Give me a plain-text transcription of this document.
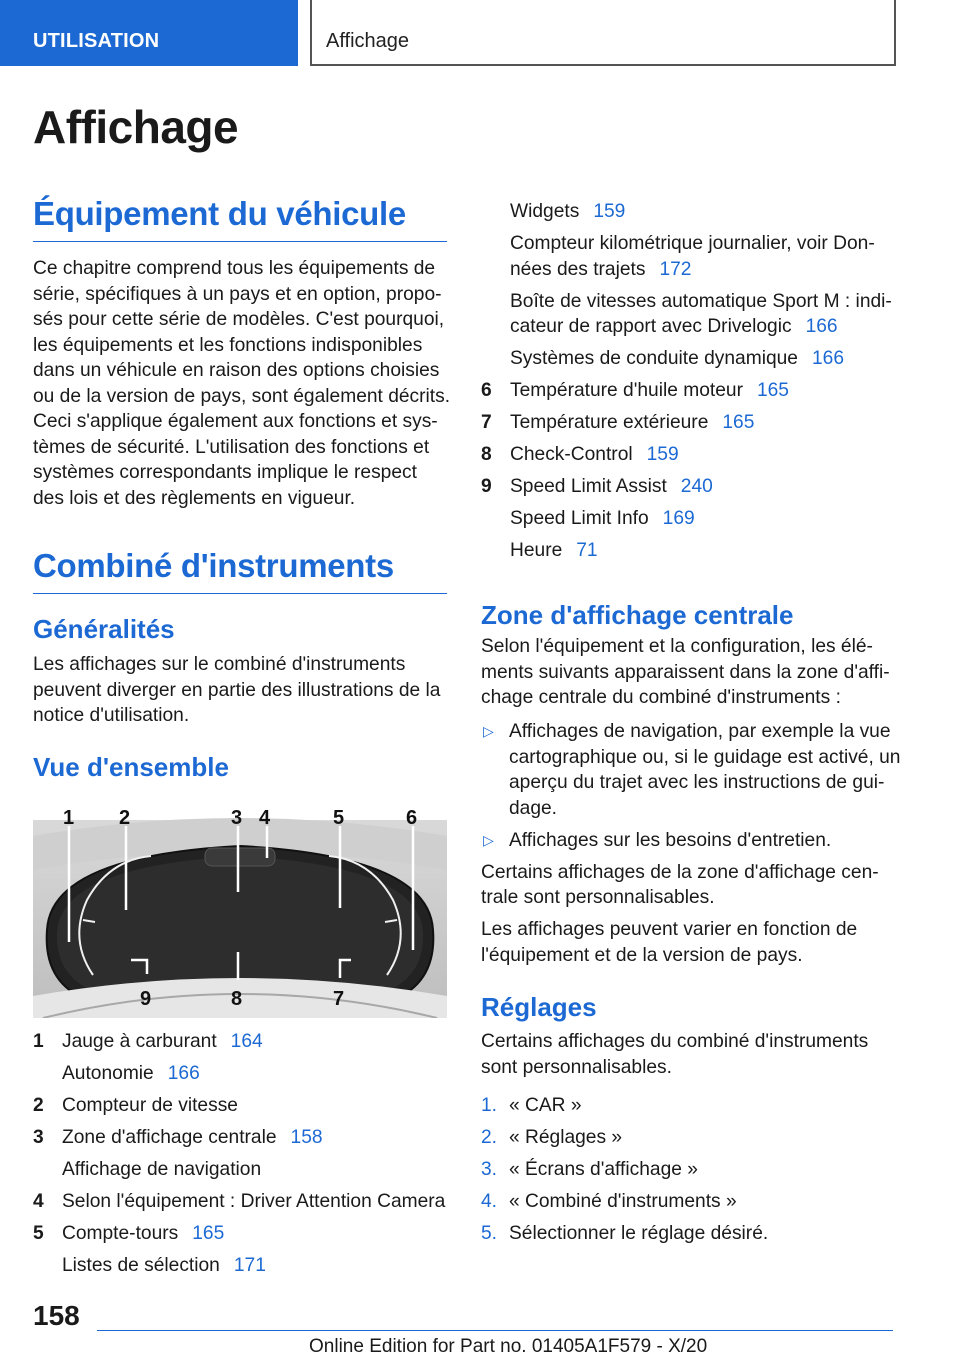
UTILISATION	Affichage
Affichage
Équipement du véhicule
Ce chapitre comprend tous les équipements de
série, spécifiques à un pays et en option, propo-
sés pour cette série de modèles. C'est pourquoi,
les équipements et les fonctions indisponibles
dans un véhicule en raison des options choisies
ou de la version de pays, sont également décrits.
Ceci s'applique également aux fonctions et sys-
tèmes de sécurité. L'utilisation des fonctions et
systèmes correspondants implique le respect
des lois et des règlements en vigueur.
Combiné d'instruments
Généralités
Les affichages sur le combiné d'instruments
peuvent diverger en partie des illustrations de la
notice d'utilisation.
Vue d'ensemble
1 2	3 4	5	6
9	8	7
1 Jauge à carburant 164
Autonomie 166
2 Compteur de vitesse
3 Zone d'affichage centrale 158
Affichage de navigation
4 Selon l'équipement : Driver Attention Camera
5 Compte-tours 165
Listes de sélection 171
Widgets 159
Compteur kilométrique journalier, voir Don-
nées des trajets 172
Boîte de vitesses automatique Sport M : indi-
cateur de rapport avec Drivelogic 166
Systèmes de conduite dynamique 166
6 Température d'huile moteur 165
7 Température extérieure 165
8 Check-Control 159
9 Speed Limit Assist 240
Speed Limit Info 169
Heure 71
Zone d'affichage centrale
Selon l'équipement et la configuration, les élé-
ments suivants apparaissent dans la zone d'affi-
chage centrale du combiné d'instruments :
▷ Affichages de navigation, par exemple la vue
cartographique ou, si le guidage est activé, un
aperçu du trajet avec les instructions de gui-
dage.
▷ Affichages sur les besoins d'entretien.
Certains affichages de la zone d'affichage cen-
trale sont personnalisables.
Les affichages peuvent varier en fonction de
l'équipement et de la version de pays.
Réglages
Certains affichages du combiné d'instruments
sont personnalisables.
1. « CAR »
2. « Réglages »
3. « Écrans d'affichage »
4. « Combiné d'instruments »
5. Sélectionner le réglage désiré.
158
Online Edition for Part no. 01405A1F579 - X/20
